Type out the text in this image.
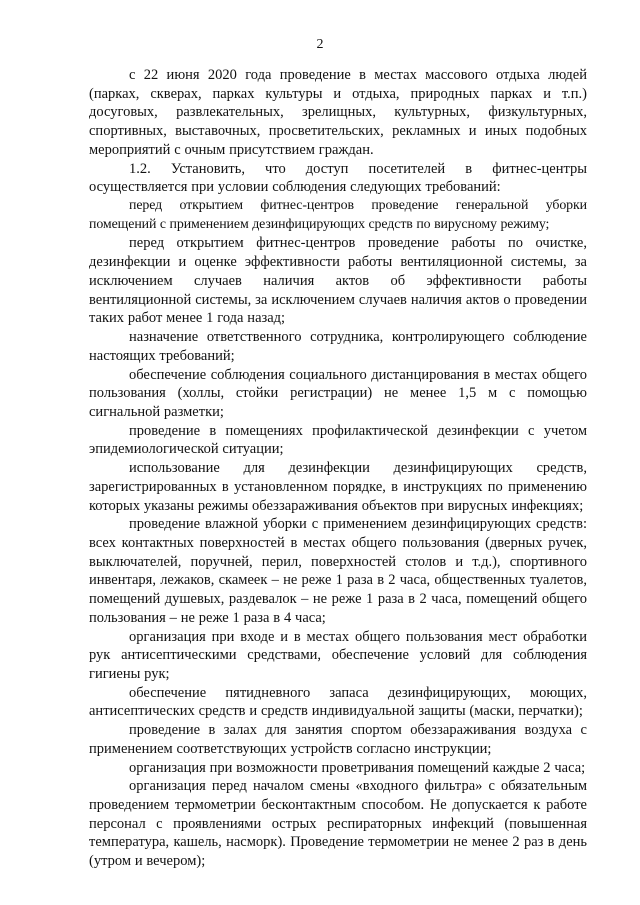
2

с 22 июня 2020 года проведение в местах массового отдыха людей (парках, скверах, парках культуры и отдыха, природных парках и т.п.) досуговых, развлекательных, зрелищных, культурных, физкультурных, спортивных, выставочных, просветительских, рекламных и иных подобных мероприятий с очным присутствием граждан.

1.2. Установить, что доступ посетителей в фитнес-центры осуществляется при условии соблюдения следующих требований:

перед открытием фитнес-центров проведение генеральной уборки помещений с применением дезинфицирующих средств по вирусному режиму;

перед открытием фитнес-центров проведение работы по очистке, дезинфекции и оценке эффективности работы вентиляционной системы, за исключением случаев наличия актов об эффективности работы вентиляционной системы, за исключением случаев наличия актов о проведении таких работ менее 1 года назад;

назначение ответственного сотрудника, контролирующего соблюдение настоящих требований;

обеспечение соблюдения социального дистанцирования в местах общего пользования (холлы, стойки регистрации) не менее 1,5 м с помощью сигнальной разметки;

проведение в помещениях профилактической дезинфекции с учетом эпидемиологической ситуации;

использование для дезинфекции дезинфицирующих средств, зарегистрированных в установленном порядке, в инструкциях по применению которых указаны режимы обеззараживания объектов при вирусных инфекциях;

проведение влажной уборки с применением дезинфицирующих средств: всех контактных поверхностей в местах общего пользования (дверных ручек, выключателей, поручней, перил, поверхностей столов и т.д.), спортивного инвентаря, лежаков, скамеек – не реже 1 раза в 2 часа, общественных туалетов, помещений душевых, раздевалок – не реже 1 раза в 2 часа, помещений общего пользования – не реже 1 раза в 4 часа;

организация при входе и в местах общего пользования мест обработки рук антисептическими средствами, обеспечение условий для соблюдения гигиены рук;

обеспечение пятидневного запаса дезинфицирующих, моющих, антисептических средств и средств индивидуальной защиты (маски, перчатки);

проведение в залах для занятия спортом обеззараживания воздуха с применением соответствующих устройств согласно инструкции;

организация при возможности проветривания помещений каждые 2 часа;

организация перед началом смены «входного фильтра» с обязательным проведением термометрии бесконтактным способом. Не допускается к работе персонал с проявлениями острых респираторных инфекций (повышенная температура, кашель, насморк). Проведение термометрии не менее 2 раз в день (утром и вечером);
